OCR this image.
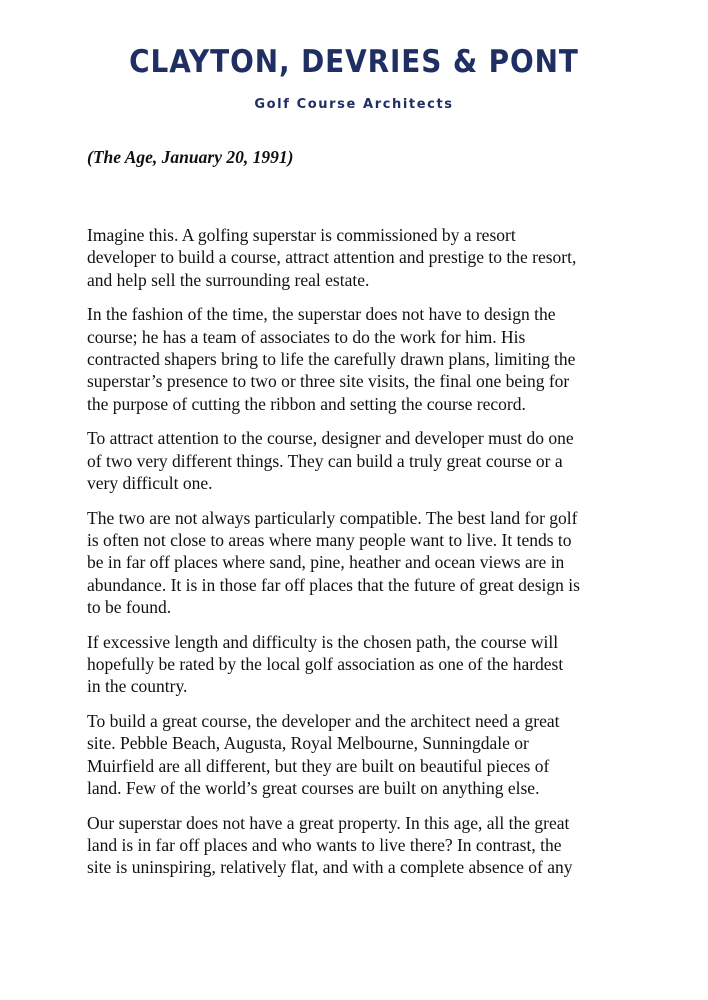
CLAYTON, DEVRIES & PONT
Golf Course Architects
(The Age, January 20, 1991)

Imagine this. A golfing superstar is commissioned by a resort
developer to build a course, attract attention and prestige to the resort,
and help sell the surrounding real estate.

In the fashion of the time, the superstar does not have to design the
course; he has a team of associates to do the work for him. His
contracted shapers bring to life the carefully drawn plans, limiting the
superstar’s presence to two or three site visits, the final one being for
the purpose of cutting the ribbon and setting the course record.

To attract attention to the course, designer and developer must do one
of two very different things. They can build a truly great course or a
very difficult one.

The two are not always particularly compatible. The best land for golf
is often not close to areas where many people want to live. It tends to
be in far off places where sand, pine, heather and ocean views are in
abundance. It is in those far off places that the future of great design is
to be found.

If excessive length and difficulty is the chosen path, the course will
hopefully be rated by the local golf association as one of the hardest
in the country.

To build a great course, the developer and the architect need a great
site. Pebble Beach, Augusta, Royal Melbourne, Sunningdale or
Muirfield are all different, but they are built on beautiful pieces of
land. Few of the world’s great courses are built on anything else.

Our superstar does not have a great property. In this age, all the great
land is in far off places and who wants to live there? In contrast, the
site is uninspiring, relatively flat, and with a complete absence of any
